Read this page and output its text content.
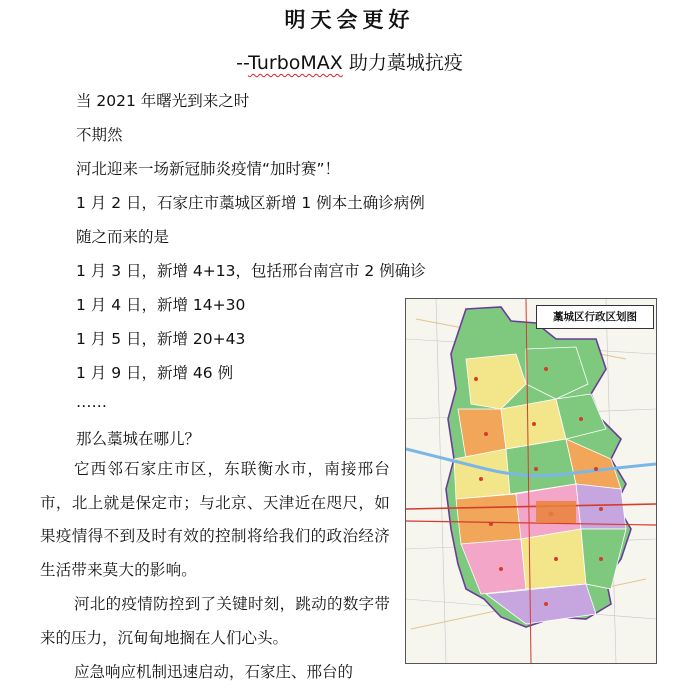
明天会更好

--TurboMAX 助力藁城抗疫

当 2021 年曙光到来之时

不期然

河北迎来一场新冠肺炎疫情“加时赛”！

1 月 2 日，石家庄市藁城区新增 1 例本土确诊病例

随之而来的是

1 月 3 日，新增 4+13，包括邢台南宫市 2 例确诊

1 月 4 日，新增 14+30

1 月 5 日，新增 20+43

1 月 9 日，新增 46 例

……

那么藁城在哪儿？

它西邻石家庄市区，东联衡水市，南接邢台市，北上就是保定市；与北京、天津近在咫尺，如果疫情得不到及时有效的控制将给我们的政治经济生活带来莫大的影响。

河北的疫情防控到了关键时刻，跳动的数字带来的压力，沉甸甸地搁在人们心头。

应急响应机制迅速启动，石家庄、邢台的

藁城区行政区划图
